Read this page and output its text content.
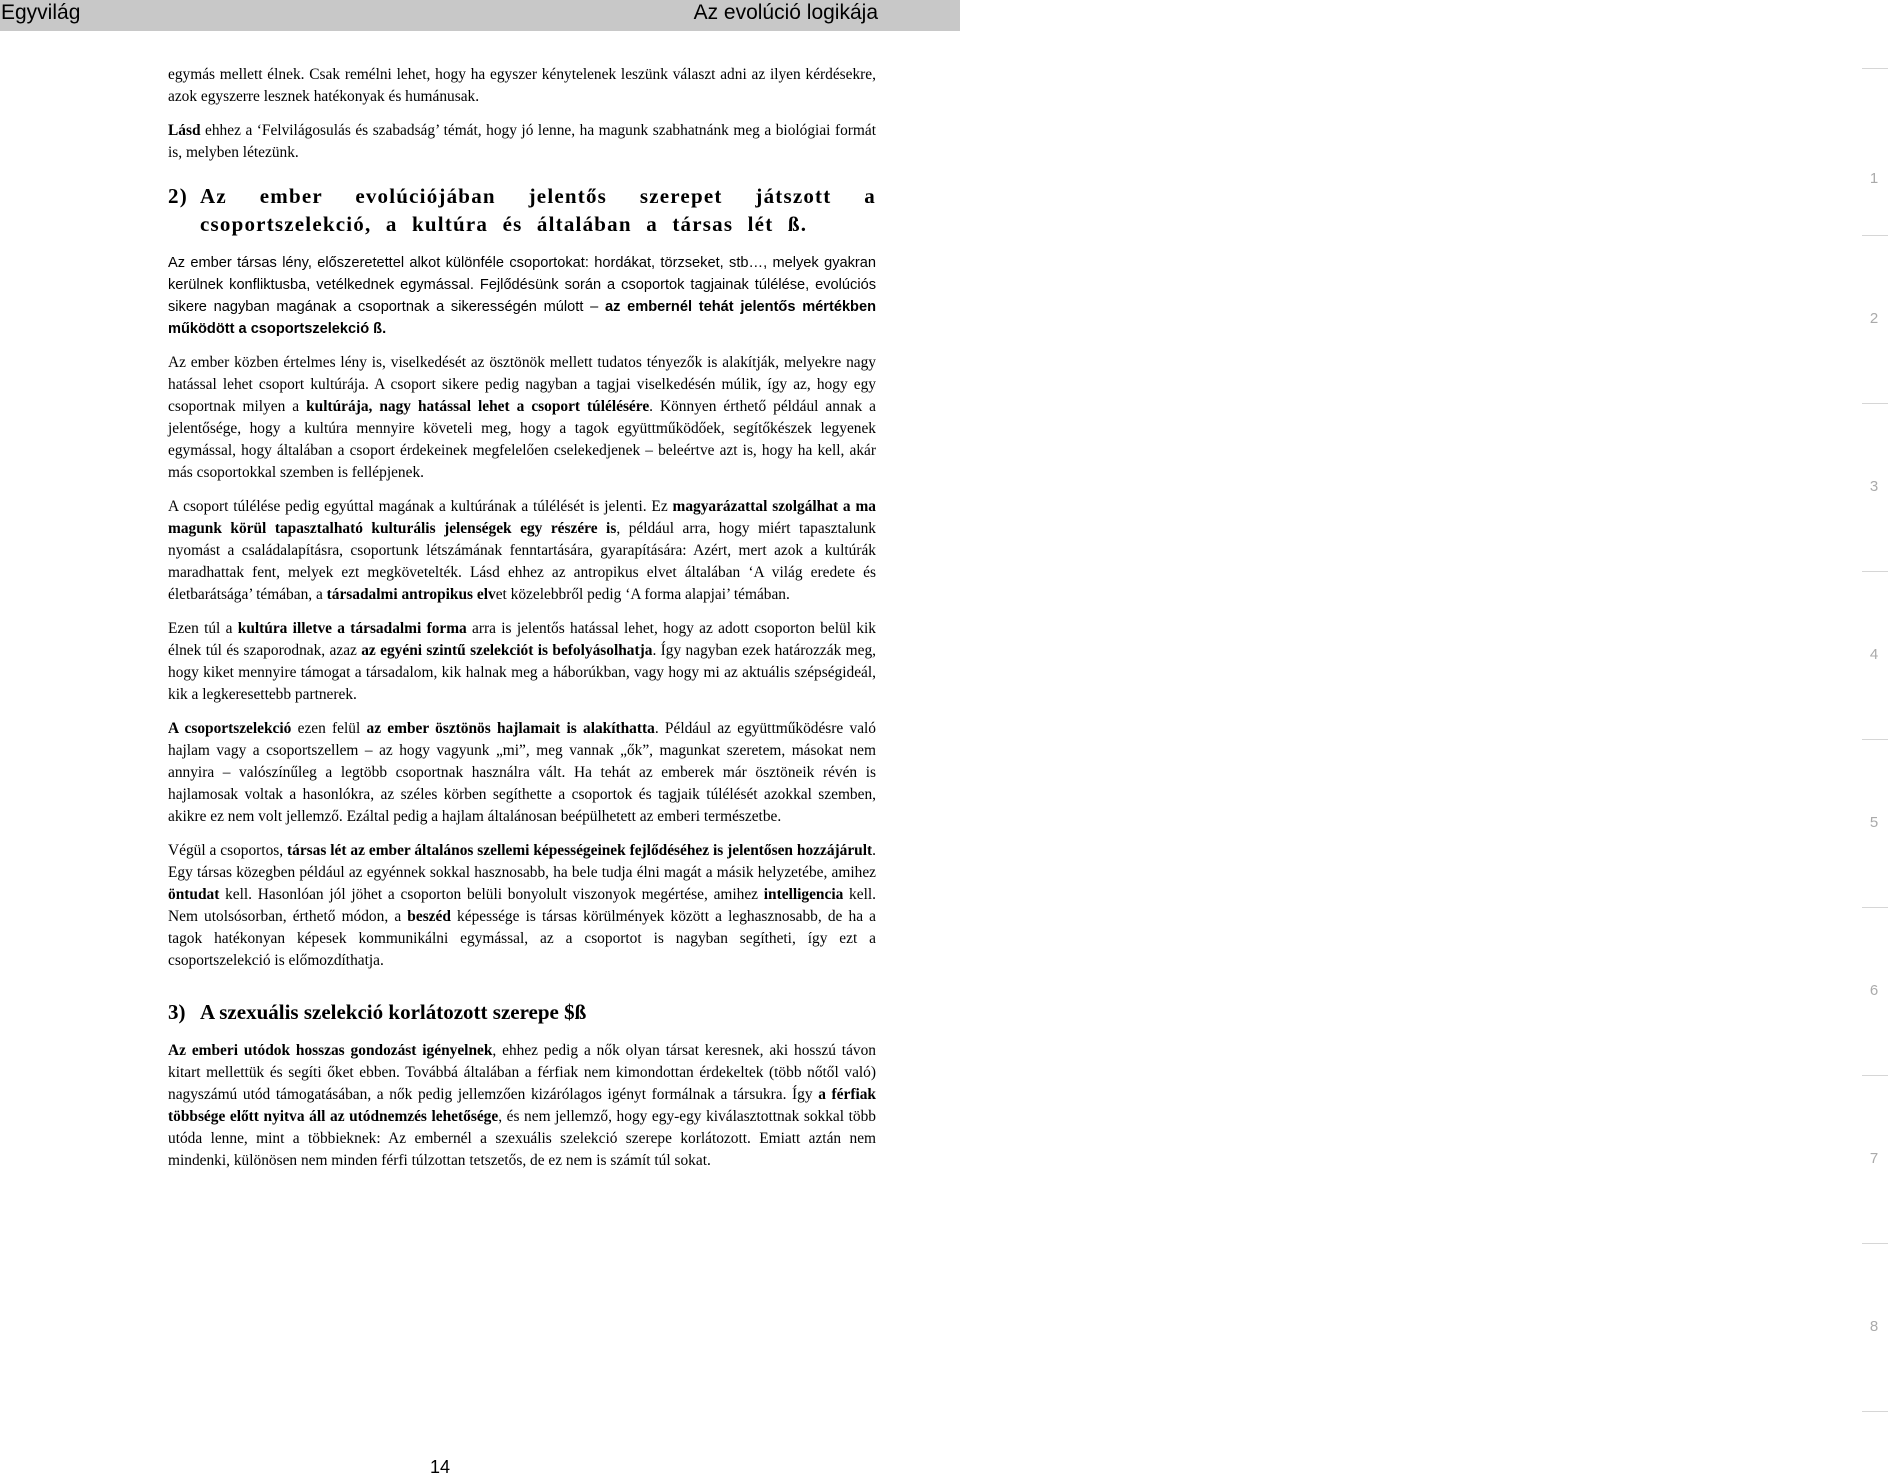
Egyvilág	Az evolúció logikája

egymás mellett élnek. Csak remélni lehet, hogy ha egyszer kénytelenek leszünk választ adni az ilyen kérdésekre, azok egyszerre lesznek hatékonyak és humánusak.

Lásd ehhez a ‘Felvilágosulás és szabadság’ témát, hogy jó lenne, ha magunk szabhatnánk meg a biológiai formát is, melyben létezünk.

2) Az ember evolúciójában jelentős szerepet játszott a csoportszelekció, a kultúra és általában a társas lét ß.

Az ember társas lény, előszeretettel alkot különféle csoportokat: hordákat, törzseket, stb…, melyek gyakran kerülnek konfliktusba, vetélkednek egymással. Fejlődésünk során a csoportok tagjainak túlélése, evolúciós sikere nagyban magának a csoportnak a sikerességén múlott – az embernél tehát jelentős mértékben működött a csoportszelekció ß.

Az ember közben értelmes lény is, viselkedését az ösztönök mellett tudatos tényezők is alakítják, melyekre nagy hatással lehet csoport kultúrája. A csoport sikere pedig nagyban a tagjai viselkedésén múlik, így az, hogy egy csoportnak milyen a kultúrája, nagy hatással lehet a csoport túlélésére. Könnyen érthető például annak a jelentősége, hogy a kultúra mennyire követeli meg, hogy a tagok együttműködőek, segítőkészek legyenek egymással, hogy általában a csoport érdekeinek megfelelően cselekedjenek – beleértve azt is, hogy ha kell, akár más csoportokkal szemben is fellépjenek.

A csoport túlélése pedig egyúttal magának a kultúrának a túlélését is jelenti. Ez magyarázattal szolgálhat a ma magunk körül tapasztalható kulturális jelenségek egy részére is, például arra, hogy miért tapasztalunk nyomást a családalapításra, csoportunk létszámának fenntartására, gyarapítására: Azért, mert azok a kultúrák maradhattak fent, melyek ezt megkövetelték. Lásd ehhez az antropikus elvet általában ‘A világ eredete és életbarátsága’ témában, a társadalmi antropikus elvet közelebbről pedig ‘A forma alapjai’ témában.

Ezen túl a kultúra illetve a társadalmi forma arra is jelentős hatással lehet, hogy az adott csoporton belül kik élnek túl és szaporodnak, azaz az egyéni szintű szelekciót is befolyásolhatja. Így nagyban ezek határozzák meg, hogy kiket mennyire támogat a társadalom, kik halnak meg a háborúkban, vagy hogy mi az aktuális szépségideál, kik a legkeresettebb partnerek.

A csoportszelekció ezen felül az ember ösztönös hajlamait is alakíthatta. Például az együttműködésre való hajlam vagy a csoportszellem – az hogy vagyunk „mi”, meg vannak „ők”, magunkat szeretem, másokat nem annyira – valószínűleg a legtöbb csoportnak használra vált. Ha tehát az emberek már ösztöneik révén is hajlamosak voltak a hasonlókra, az széles körben segíthette a csoportok és tagjaik túlélését azokkal szemben, akikre ez nem volt jellemző. Ezáltal pedig a hajlam általánosan beépülhetett az emberi természetbe.

Végül a csoportos, társas lét az ember általános szellemi képességeinek fejlődéséhez is jelentősen hozzájárult. Egy társas közegben például az egyénnek sokkal hasznosabb, ha bele tudja élni magát a másik helyzetébe, amihez öntudat kell. Hasonlóan jól jöhet a csoporton belüli bonyolult viszonyok megértése, amihez intelligencia kell. Nem utolsósorban, érthető módon, a beszéd képessége is társas körülmények között a leghasznosabb, de ha a tagok hatékonyan képesek kommunikálni egymással, az a csoportot is nagyban segítheti, így ezt a csoportszelekció is előmozdíthatja.

3) A szexuális szelekció korlátozott szerepe $ß

Az emberi utódok hosszas gondozást igényelnek, ehhez pedig a nők olyan társat keresnek, aki hosszú távon kitart mellettük és segíti őket ebben. Továbbá általában a férfiak nem kimondottan érdekeltek (több nőtől való) nagyszámú utód támogatásában, a nők pedig jellemzően kizárólagos igényt formálnak a társukra. Így a férfiak többsége előtt nyitva áll az utódnemzés lehetősége, és nem jellemző, hogy egy-egy kiválasztottnak sokkal több utóda lenne, mint a többieknek: Az embernél a szexuális szelekció szerepe korlátozott. Emiatt aztán nem mindenki, különösen nem minden férfi túlzottan tetszetős, de ez nem is számít túl sokat.

1
2
3
4
5
6
7
8
14
